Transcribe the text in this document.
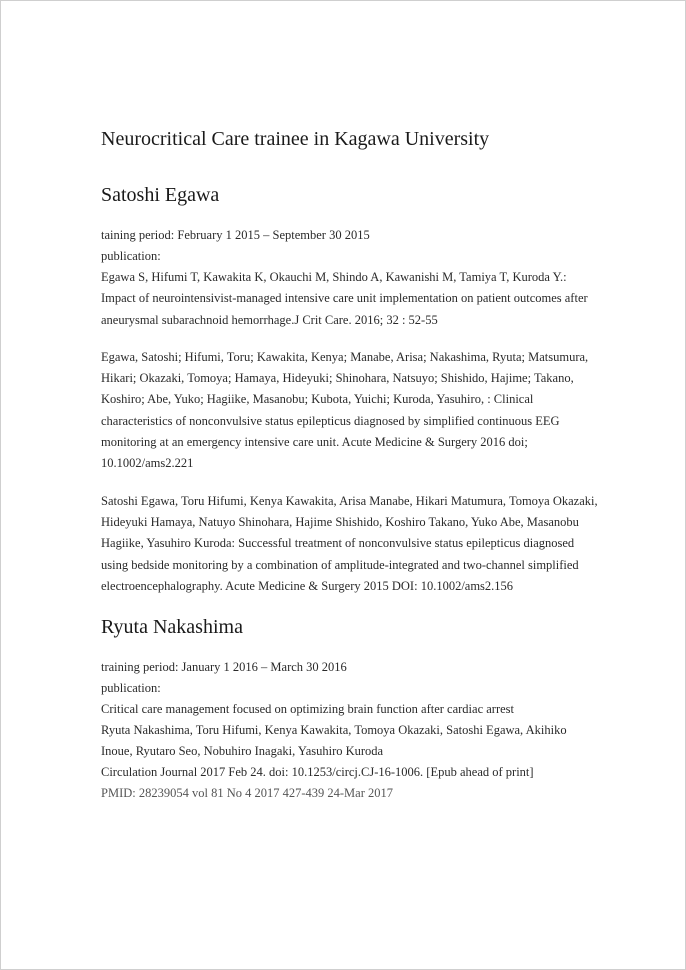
Neurocritical Care trainee in Kagawa University
Satoshi Egawa

taining period: February 1 2015 – September 30 2015

publication:

Egawa S, Hifumi T, Kawakita K, Okauchi M, Shindo A, Kawanishi M, Tamiya T, Kuroda Y.: Impact of neurointensivist-managed intensive care unit implementation on patient outcomes after aneurysmal subarachnoid hemorrhage.J Crit Care. 2016; 32 : 52-55

Egawa, Satoshi; Hifumi, Toru; Kawakita, Kenya; Manabe, Arisa; Nakashima, Ryuta; Matsumura, Hikari; Okazaki, Tomoya; Hamaya, Hideyuki; Shinohara, Natsuyo; Shishido, Hajime; Takano, Koshiro; Abe, Yuko; Hagiike, Masanobu; Kubota, Yuichi; Kuroda, Yasuhiro, : Clinical characteristics of nonconvulsive status epilepticus diagnosed by simplified continuous EEG monitoring at an emergency intensive care unit. Acute Medicine & Surgery 2016 doi; 10.1002/ams2.221

Satoshi Egawa, Toru Hifumi, Kenya Kawakita, Arisa Manabe, Hikari Matumura, Tomoya Okazaki, Hideyuki Hamaya, Natuyo Shinohara, Hajime Shishido, Koshiro Takano, Yuko Abe, Masanobu Hagiike, Yasuhiro Kuroda: Successful treatment of nonconvulsive status epilepticus diagnosed using bedside monitoring by a combination of amplitude-integrated and two-channel simplified electroencephalography. Acute Medicine & Surgery 2015 DOI: 10.1002/ams2.156

Ryuta Nakashima

training period: January 1 2016 – March 30 2016

publication:

Critical care management focused on optimizing brain function after cardiac arrest

Ryuta Nakashima, Toru Hifumi, Kenya Kawakita, Tomoya Okazaki, Satoshi Egawa, Akihiko Inoue, Ryutaro Seo, Nobuhiro Inagaki, Yasuhiro Kuroda

Circulation Journal 2017 Feb 24. doi: 10.1253/circj.CJ-16-1006. [Epub ahead of print]

PMID: 28239054 vol 81 No 4 2017 427-439 24-Mar 2017
